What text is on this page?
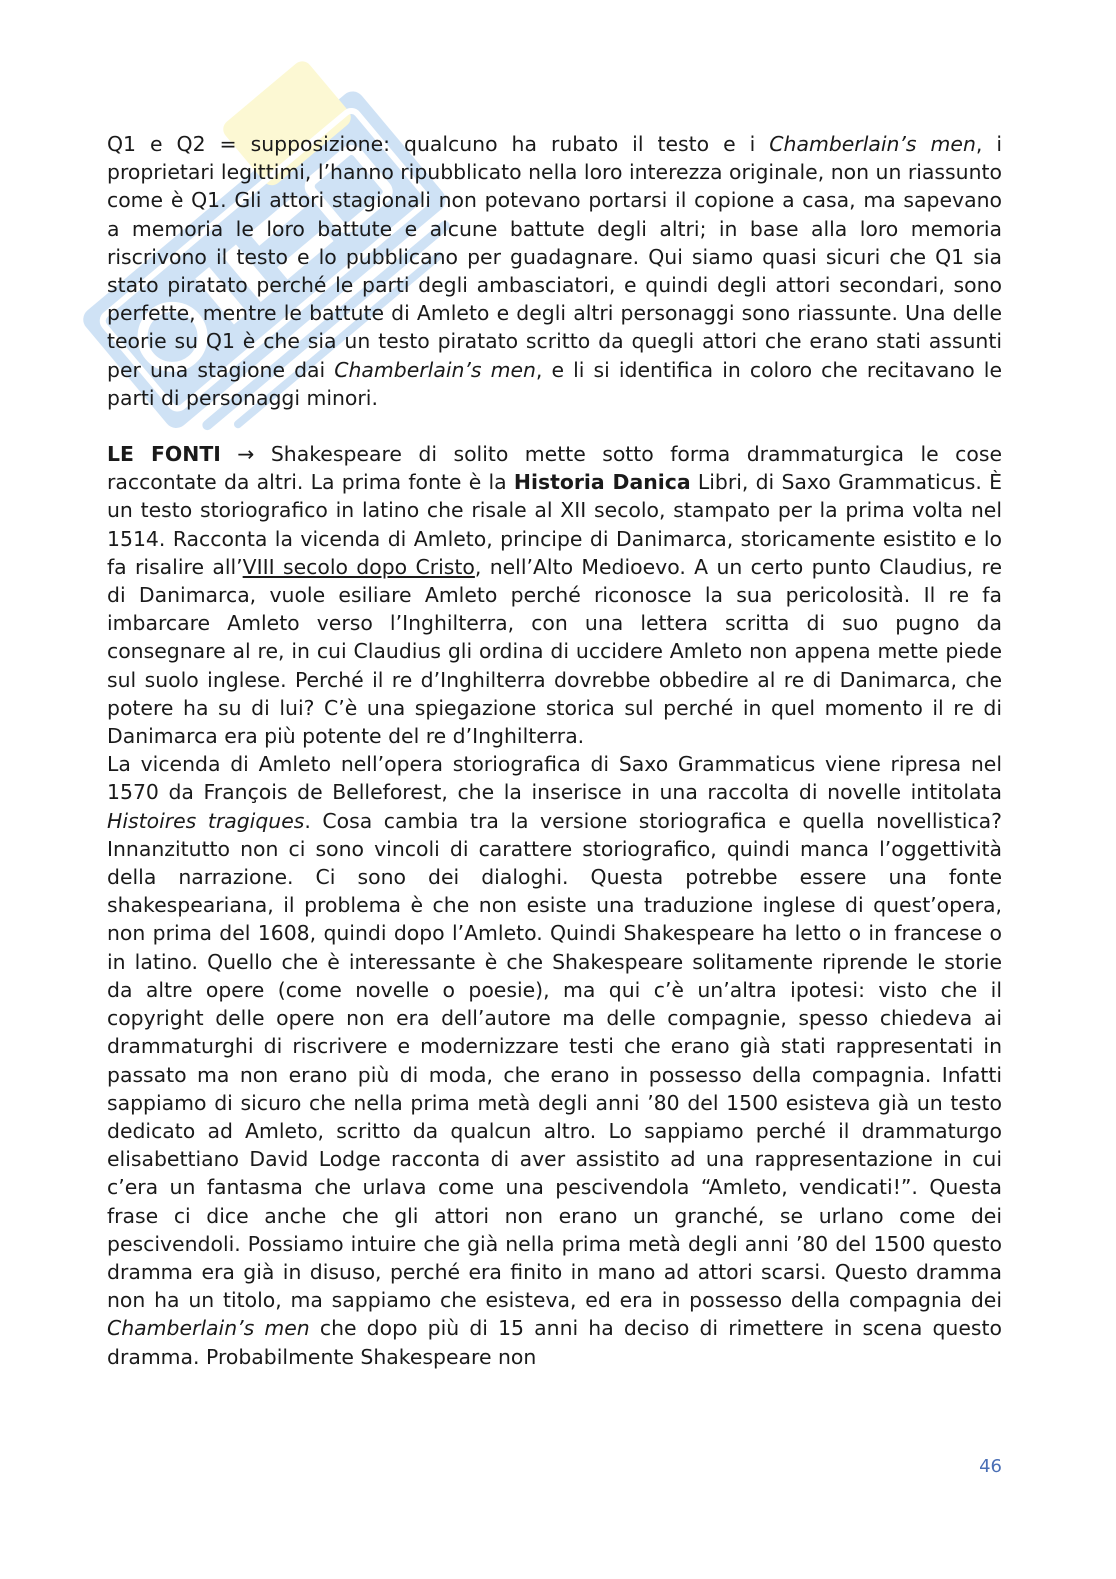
Q1 e Q2 = supposizione: qualcuno ha rubato il testo e i Chamberlain’s men, i proprietari legittimi, l’hanno ripubblicato nella loro interezza originale, non un riassunto come è Q1. Gli attori stagionali non potevano portarsi il copione a casa, ma sapevano a memoria le loro battute e alcune battute degli altri; in base alla loro memoria riscrivono il testo e lo pubblicano per guadagnare. Qui siamo quasi sicuri che Q1 sia stato piratato perché le parti degli ambasciatori, e quindi degli attori secondari, sono perfette, mentre le battute di Amleto e degli altri personaggi sono riassunte. Una delle teorie su Q1 è che sia un testo piratato scritto da quegli attori che erano stati assunti per una stagione dai Chamberlain’s men, e li si identifica in coloro che recitavano le parti di personaggi minori.

LE FONTI → Shakespeare di solito mette sotto forma drammaturgica le cose raccontate da altri. La prima fonte è la Historia Danica Libri, di Saxo Grammaticus. È un testo storiografico in latino che risale al XII secolo, stampato per la prima volta nel 1514. Racconta la vicenda di Amleto, principe di Danimarca, storicamente esistito e lo fa risalire all’VIII secolo dopo Cristo, nell’Alto Medioevo. A un certo punto Claudius, re di Danimarca, vuole esiliare Amleto perché riconosce la sua pericolosità. Il re fa imbarcare Amleto verso l’Inghilterra, con una lettera scritta di suo pugno da consegnare al re, in cui Claudius gli ordina di uccidere Amleto non appena mette piede sul suolo inglese. Perché il re d’Inghilterra dovrebbe obbedire al re di Danimarca, che potere ha su di lui? C’è una spiegazione storica sul perché in quel momento il re di Danimarca era più potente del re d’Inghilterra.

La vicenda di Amleto nell’opera storiografica di Saxo Grammaticus viene ripresa nel 1570 da François de Belleforest, che la inserisce in una raccolta di novelle intitolata Histoires tragiques. Cosa cambia tra la versione storiografica e quella novellistica? Innanzitutto non ci sono vincoli di carattere storiografico, quindi manca l’oggettività della narrazione. Ci sono dei dialoghi. Questa potrebbe essere una fonte shakespeariana, il problema è che non esiste una traduzione inglese di quest’opera, non prima del 1608, quindi dopo l’Amleto. Quindi Shakespeare ha letto o in francese o in latino. Quello che è interessante è che Shakespeare solitamente riprende le storie da altre opere (come novelle o poesie), ma qui c’è un’altra ipotesi: visto che il copyright delle opere non era dell’autore ma delle compagnie, spesso chiedeva ai drammaturghi di riscrivere e modernizzare testi che erano già stati rappresentati in passato ma non erano più di moda, che erano in possesso della compagnia. Infatti sappiamo di sicuro che nella prima metà degli anni ’80 del 1500 esisteva già un testo dedicato ad Amleto, scritto da qualcun altro. Lo sappiamo perché il drammaturgo elisabettiano David Lodge racconta di aver assistito ad una rappresentazione in cui c’era un fantasma che urlava come una pescivendola “Amleto, vendicati!”. Questa frase ci dice anche che gli attori non erano un granché, se urlano come dei pescivendoli. Possiamo intuire che già nella prima metà degli anni ’80 del 1500 questo dramma era già in disuso, perché era finito in mano ad attori scarsi. Questo dramma non ha un titolo, ma sappiamo che esisteva, ed era in possesso della compagnia dei Chamberlain’s men che dopo più di 15 anni ha deciso di rimettere in scena questo dramma. Probabilmente Shakespeare non

46
